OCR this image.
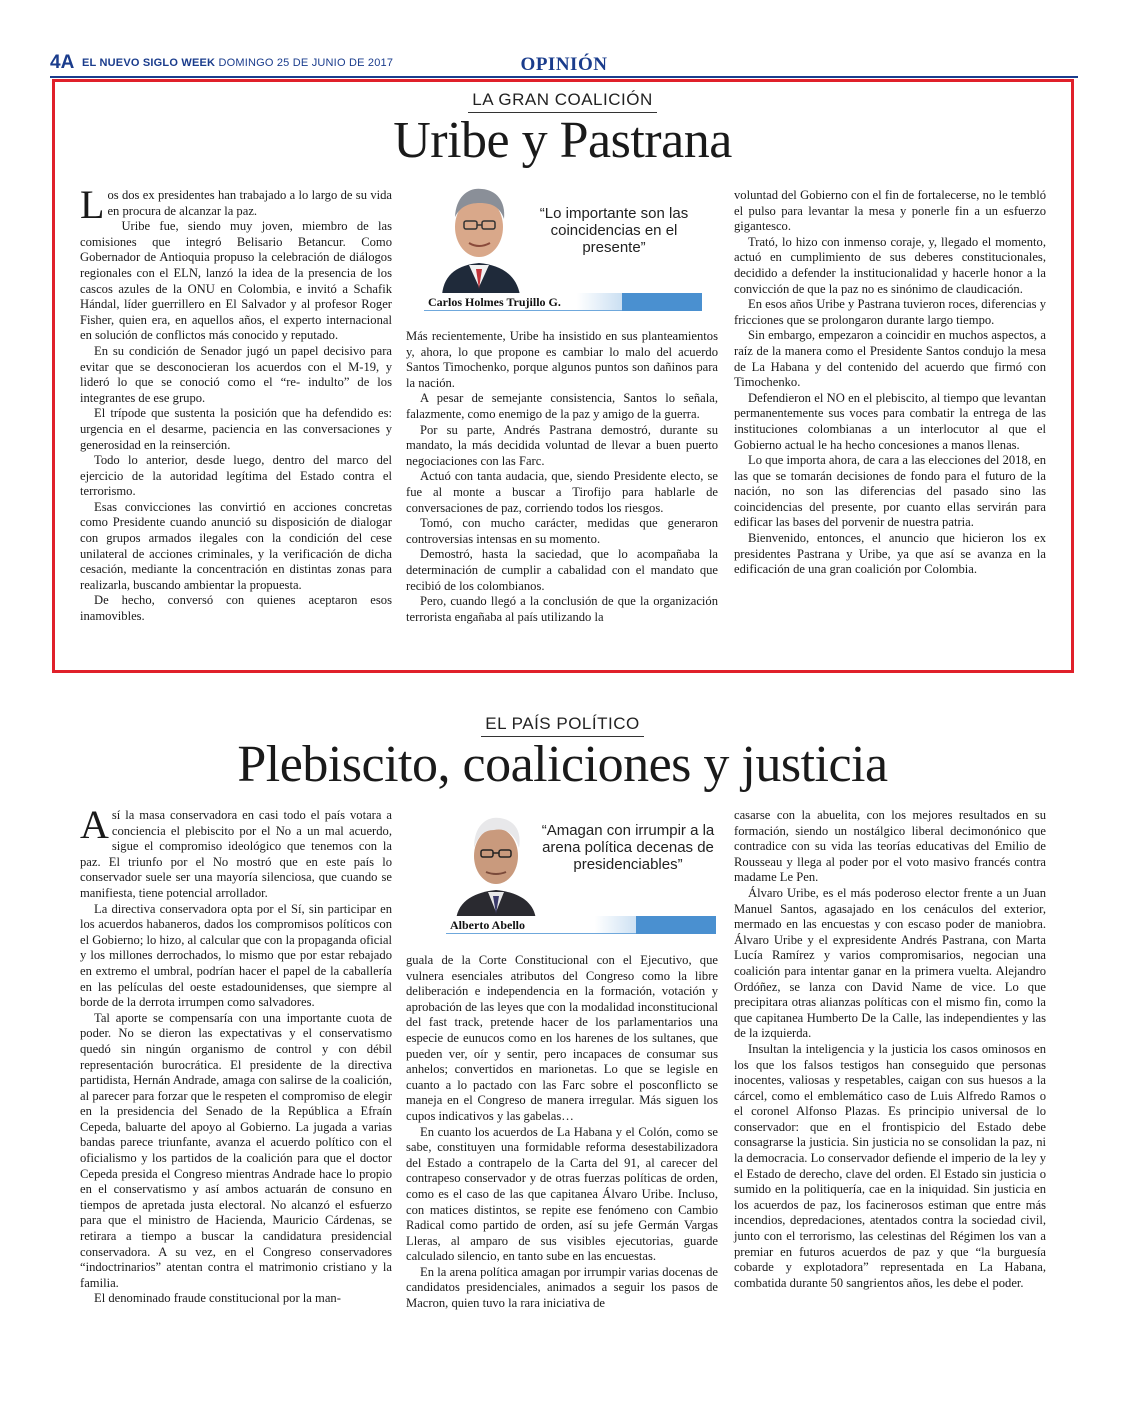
4A EL NUEVO SIGLO WEEK DOMINGO 25 DE JUNIO DE 2017	OPINIÓN
LA GRAN COALICIÓN
Uribe y Pastrana

Los dos ex presidentes han trabajado a lo largo de su vida en procura de alcanzar la paz.

Uribe fue, siendo muy joven, miembro de las comisiones que integró Belisario Betancur. Como Gobernador de Antioquia propuso la celebración de diálogos regionales con el ELN, lanzó la idea de la presencia de los cascos azules de la ONU en Colombia, e invitó a Schafik Hándal, líder guerrillero en El Salvador y al profesor Roger Fisher, quien era, en aquellos años, el experto internacional en solución de conflictos más conocido y reputado.

En su condición de Senador jugó un papel decisivo para evitar que se desconocieran los acuerdos con el M-19, y lideró lo que se conoció como el “re- indulto” de los integrantes de ese grupo.

El trípode que sustenta la posición que ha defendido es: urgencia en el desarme, paciencia en las conversaciones y generosidad en la reinserción.

Todo lo anterior, desde luego, dentro del marco del ejercicio de la autoridad legítima del Estado contra el terrorismo.

Esas convicciones las convirtió en acciones concretas como Presidente cuando anunció su disposición de dialogar con grupos armados ilegales con la condición del cese unilateral de acciones criminales, y la verificación de dicha cesación, mediante la concentración en distintas zonas para realizarla, buscando ambientar la propuesta.

De hecho, conversó con quienes aceptaron esos inamovibles.

“Lo importante son las coincidencias en el presente”
Carlos Holmes Trujillo G.

Más recientemente, Uribe ha insistido en sus planteamientos y, ahora, lo que propone es cambiar lo malo del acuerdo Santos Timochenko, porque algunos puntos son dañinos para la nación.

A pesar de semejante consistencia, Santos lo señala, falazmente, como enemigo de la paz y amigo de la guerra.

Por su parte, Andrés Pastrana demostró, durante su mandato, la más decidida voluntad de llevar a buen puerto negociaciones con las Farc.

Actuó con tanta audacia, que, siendo Presidente electo, se fue al monte a buscar a Tirofijo para hablarle de conversaciones de paz, corriendo todos los riesgos.

Tomó, con mucho carácter, medidas que generaron controversias intensas en su momento.

Demostró, hasta la saciedad, que lo acompañaba la determinación de cumplir a cabalidad con el mandato que recibió de los colombianos.

Pero, cuando llegó a la conclusión de que la organización terrorista engañaba al país utilizando la

voluntad del Gobierno con el fin de fortalecerse, no le tembló el pulso para levantar la mesa y ponerle fin a un esfuerzo gigantesco.

Trató, lo hizo con inmenso coraje, y, llegado el momento, actuó en cumplimiento de sus deberes constitucionales, decidido a defender la institucionalidad y hacerle honor a la convicción de que la paz no es sinónimo de claudicación.

En esos años Uribe y Pastrana tuvieron roces, diferencias y fricciones que se prolongaron durante largo tiempo.

Sin embargo, empezaron a coincidir en muchos aspectos, a raíz de la manera como el Presidente Santos condujo la mesa de La Habana y del contenido del acuerdo que firmó con Timochenko.

Defendieron el NO en el plebiscito, al tiempo que levantan permanentemente sus voces para combatir la entrega de las instituciones colombianas a un interlocutor al que el Gobierno actual le ha hecho concesiones a manos llenas.

Lo que importa ahora, de cara a las elecciones del 2018, en las que se tomarán decisiones de fondo para el futuro de la nación, no son las diferencias del pasado sino las coincidencias del presente, por cuanto ellas servirán para edificar las bases del porvenir de nuestra patria.

Bienvenido, entonces, el anuncio que hicieron los ex presidentes Pastrana y Uribe, ya que así se avanza en la edificación de una gran coalición por Colombia.

EL PAÍS POLÍTICO
Plebiscito, coaliciones y justicia

Así la masa conservadora en casi todo el país votara a conciencia el plebiscito por el No a un mal acuerdo, sigue el compromiso ideológico que tenemos con la paz. El triunfo por el No mostró que en este país lo conservador suele ser una mayoría silenciosa, que cuando se manifiesta, tiene potencial arrollador.

La directiva conservadora opta por el Sí, sin participar en los acuerdos habaneros, dados los compromisos políticos con el Gobierno; lo hizo, al calcular que con la propaganda oficial y los millones derrochados, lo mismo que por estar rebajado en extremo el umbral, podrían hacer el papel de la caballería en las películas del oeste estadounidenses, que siempre al borde de la derrota irrumpen como salvadores.

Tal aporte se compensaría con una importante cuota de poder. No se dieron las expectativas y el conservatismo quedó sin ningún organismo de control y con débil representación burocrática. El presidente de la directiva partidista, Hernán Andrade, amaga con salirse de la coalición, al parecer para forzar que le respeten el compromiso de elegir en la presidencia del Senado de la República a Efraín Cepeda, baluarte del apoyo al Gobierno. La jugada a varias bandas parece triunfante, avanza el acuerdo político con el oficialismo y los partidos de la coalición para que el doctor Cepeda presida el Congreso mientras Andrade hace lo propio en el conservatismo y así ambos actuarán de consuno en tiempos de apretada justa electoral. No alcanzó el esfuerzo para que el ministro de Hacienda, Mauricio Cárdenas, se retirara a tiempo a buscar la candidatura presidencial conservadora. A su vez, en el Congreso conservadores “indoctrinarios” atentan contra el matrimonio cristiano y la familia.

El denominado fraude constitucional por la man-

“Amagan con irrumpir a la arena política decenas de presidenciables”
Alberto Abello

guala de la Corte Constitucional con el Ejecutivo, que vulnera esenciales atributos del Congreso como la libre deliberación e independencia en la formación, votación y aprobación de las leyes que con la modalidad inconstitucional del fast track, pretende hacer de los parlamentarios una especie de eunucos como en los harenes de los sultanes, que pueden ver, oír y sentir, pero incapaces de consumar sus anhelos; convertidos en marionetas. Lo que se legisle en cuanto a lo pactado con las Farc sobre el posconflicto se maneja en el Congreso de manera irregular. Más siguen los cupos indicativos y las gabelas…

En cuanto los acuerdos de La Habana y el Colón, como se sabe, constituyen una formidable reforma desestabilizadora del Estado a contrapelo de la Carta del 91, al carecer del contrapeso conservador y de otras fuerzas políticas de orden, como es el caso de las que capitanea Álvaro Uribe. Incluso, con matices distintos, se repite ese fenómeno con Cambio Radical como partido de orden, así su jefe Germán Vargas Lleras, al amparo de sus visibles ejecutorias, guarde calculado silencio, en tanto sube en las encuestas.

En la arena política amagan por irrumpir varias docenas de candidatos presidenciales, animados a seguir los pasos de Macron, quien tuvo la rara iniciativa de

casarse con la abuelita, con los mejores resultados en su formación, siendo un nostálgico liberal decimonónico que contradice con su vida las teorías educativas del Emilio de Rousseau y llega al poder por el voto masivo francés contra madame Le Pen.

Álvaro Uribe, es el más poderoso elector frente a un Juan Manuel Santos, agasajado en los cenáculos del exterior, mermado en las encuestas y con escaso poder de maniobra. Álvaro Uribe y el expresidente Andrés Pastrana, con Marta Lucía Ramírez y varios compromisarios, negocian una coalición para intentar ganar en la primera vuelta. Alejandro Ordóñez, se lanza con David Name de vice. Lo que precipitara otras alianzas políticas con el mismo fin, como la que capitanea Humberto De la Calle, las independientes y las de la izquierda.

Insultan la inteligencia y la justicia los casos ominosos en los que los falsos testigos han conseguido que personas inocentes, valiosas y respetables, caigan con sus huesos a la cárcel, como el emblemático caso de Luis Alfredo Ramos o el coronel Alfonso Plazas. Es principio universal de lo conservador: que en el frontispicio del Estado debe consagrarse la justicia. Sin justicia no se consolidan la paz, ni la democracia. Lo conservador defiende el imperio de la ley y el Estado de derecho, clave del orden. El Estado sin justicia o sumido en la politiquería, cae en la iniquidad. Sin justicia en los acuerdos de paz, los facinerosos estiman que entre más incendios, depredaciones, atentados contra la sociedad civil, junto con el terrorismo, las celestinas del Régimen los van a premiar en futuros acuerdos de paz y que “la burguesía cobarde y explotadora” representada en La Habana, combatida durante 50 sangrientos años, les debe el poder.
